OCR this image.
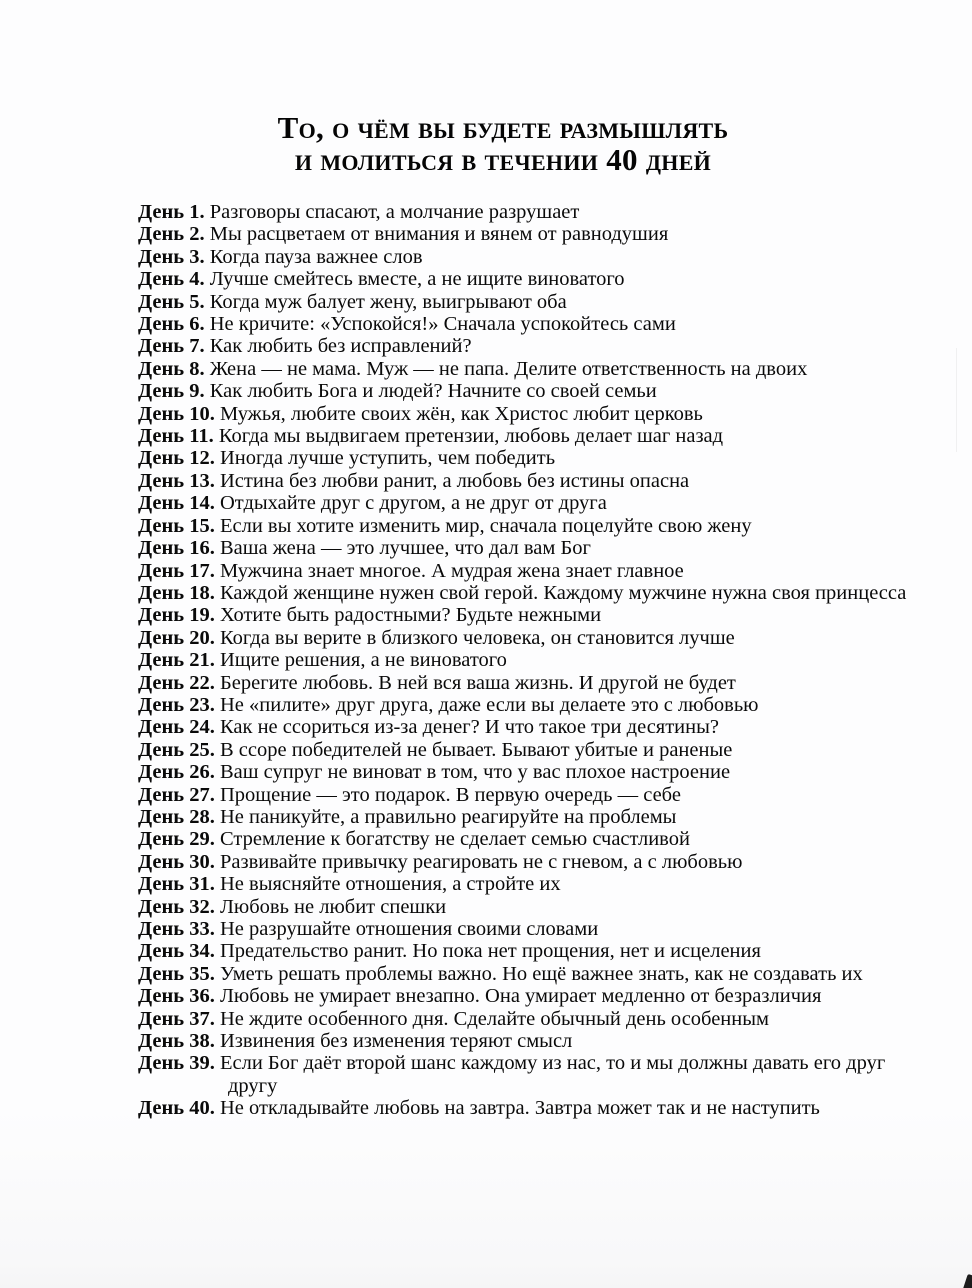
То, о чём вы будете размышлять
и молиться в течении 40 дней
День 1. Разговоры спасают, а молчание разрушает
День 2. Мы расцветаем от внимания и вянем от равнодушия
День 3. Когда пауза важнее слов
День 4. Лучше смейтесь вместе, а не ищите виноватого
День 5. Когда муж балует жену, выигрывают оба
День 6. Не кричите: «Успокойся!» Сначала успокойтесь сами
День 7. Как любить без исправлений?
День 8. Жена — не мама. Муж — не папа. Делите ответственность на двоих
День 9. Как любить Бога и людей? Начните со своей семьи
День 10. Мужья, любите своих жён, как Христос любит церковь
День 11. Когда мы выдвигаем претензии, любовь делает шаг назад
День 12. Иногда лучше уступить, чем победить
День 13. Истина без любви ранит, а любовь без истины опасна
День 14. Отдыхайте друг с другом, а не друг от друга
День 15. Если вы хотите изменить мир, сначала поцелуйте свою жену
День 16. Ваша жена — это лучшее, что дал вам Бог
День 17. Мужчина знает многое. А мудрая жена знает главное
День 18. Каждой женщине нужен свой герой. Каждому мужчине нужна своя принцесса
День 19. Хотите быть радостными? Будьте нежными
День 20. Когда вы верите в близкого человека, он становится лучше
День 21. Ищите решения, а не виноватого
День 22. Берегите любовь. В ней вся ваша жизнь. И другой не будет
День 23. Не «пилите» друг друга, даже если вы делаете это с любовью
День 24. Как не ссориться из-за денег? И что такое три десятины?
День 25. В ссоре победителей не бывает. Бывают убитые и раненые
День 26. Ваш супруг не виноват в том, что у вас плохое настроение
День 27. Прощение — это подарок. В первую очередь — себе
День 28. Не паникуйте, а правильно реагируйте на проблемы
День 29. Стремление к богатству не сделает семью счастливой
День 30. Развивайте привычку реагировать не с гневом, а с любовью
День 31. Не выясняйте отношения, а стройте их
День 32. Любовь не любит спешки
День 33. Не разрушайте отношения своими словами
День 34. Предательство ранит. Но пока нет прощения, нет и исцеления
День 35. Уметь решать проблемы важно. Но ещё важнее знать, как не создавать их
День 36. Любовь не умирает внезапно. Она умирает медленно от безразличия
День 37. Не ждите особенного дня. Сделайте обычный день особенным
День 38. Извинения без изменения теряют смысл
День 39. Если Бог даёт второй шанс каждому из нас, то и мы должны давать его друг другу
День 40. Не откладывайте любовь на завтра. Завтра может так и не наступить
